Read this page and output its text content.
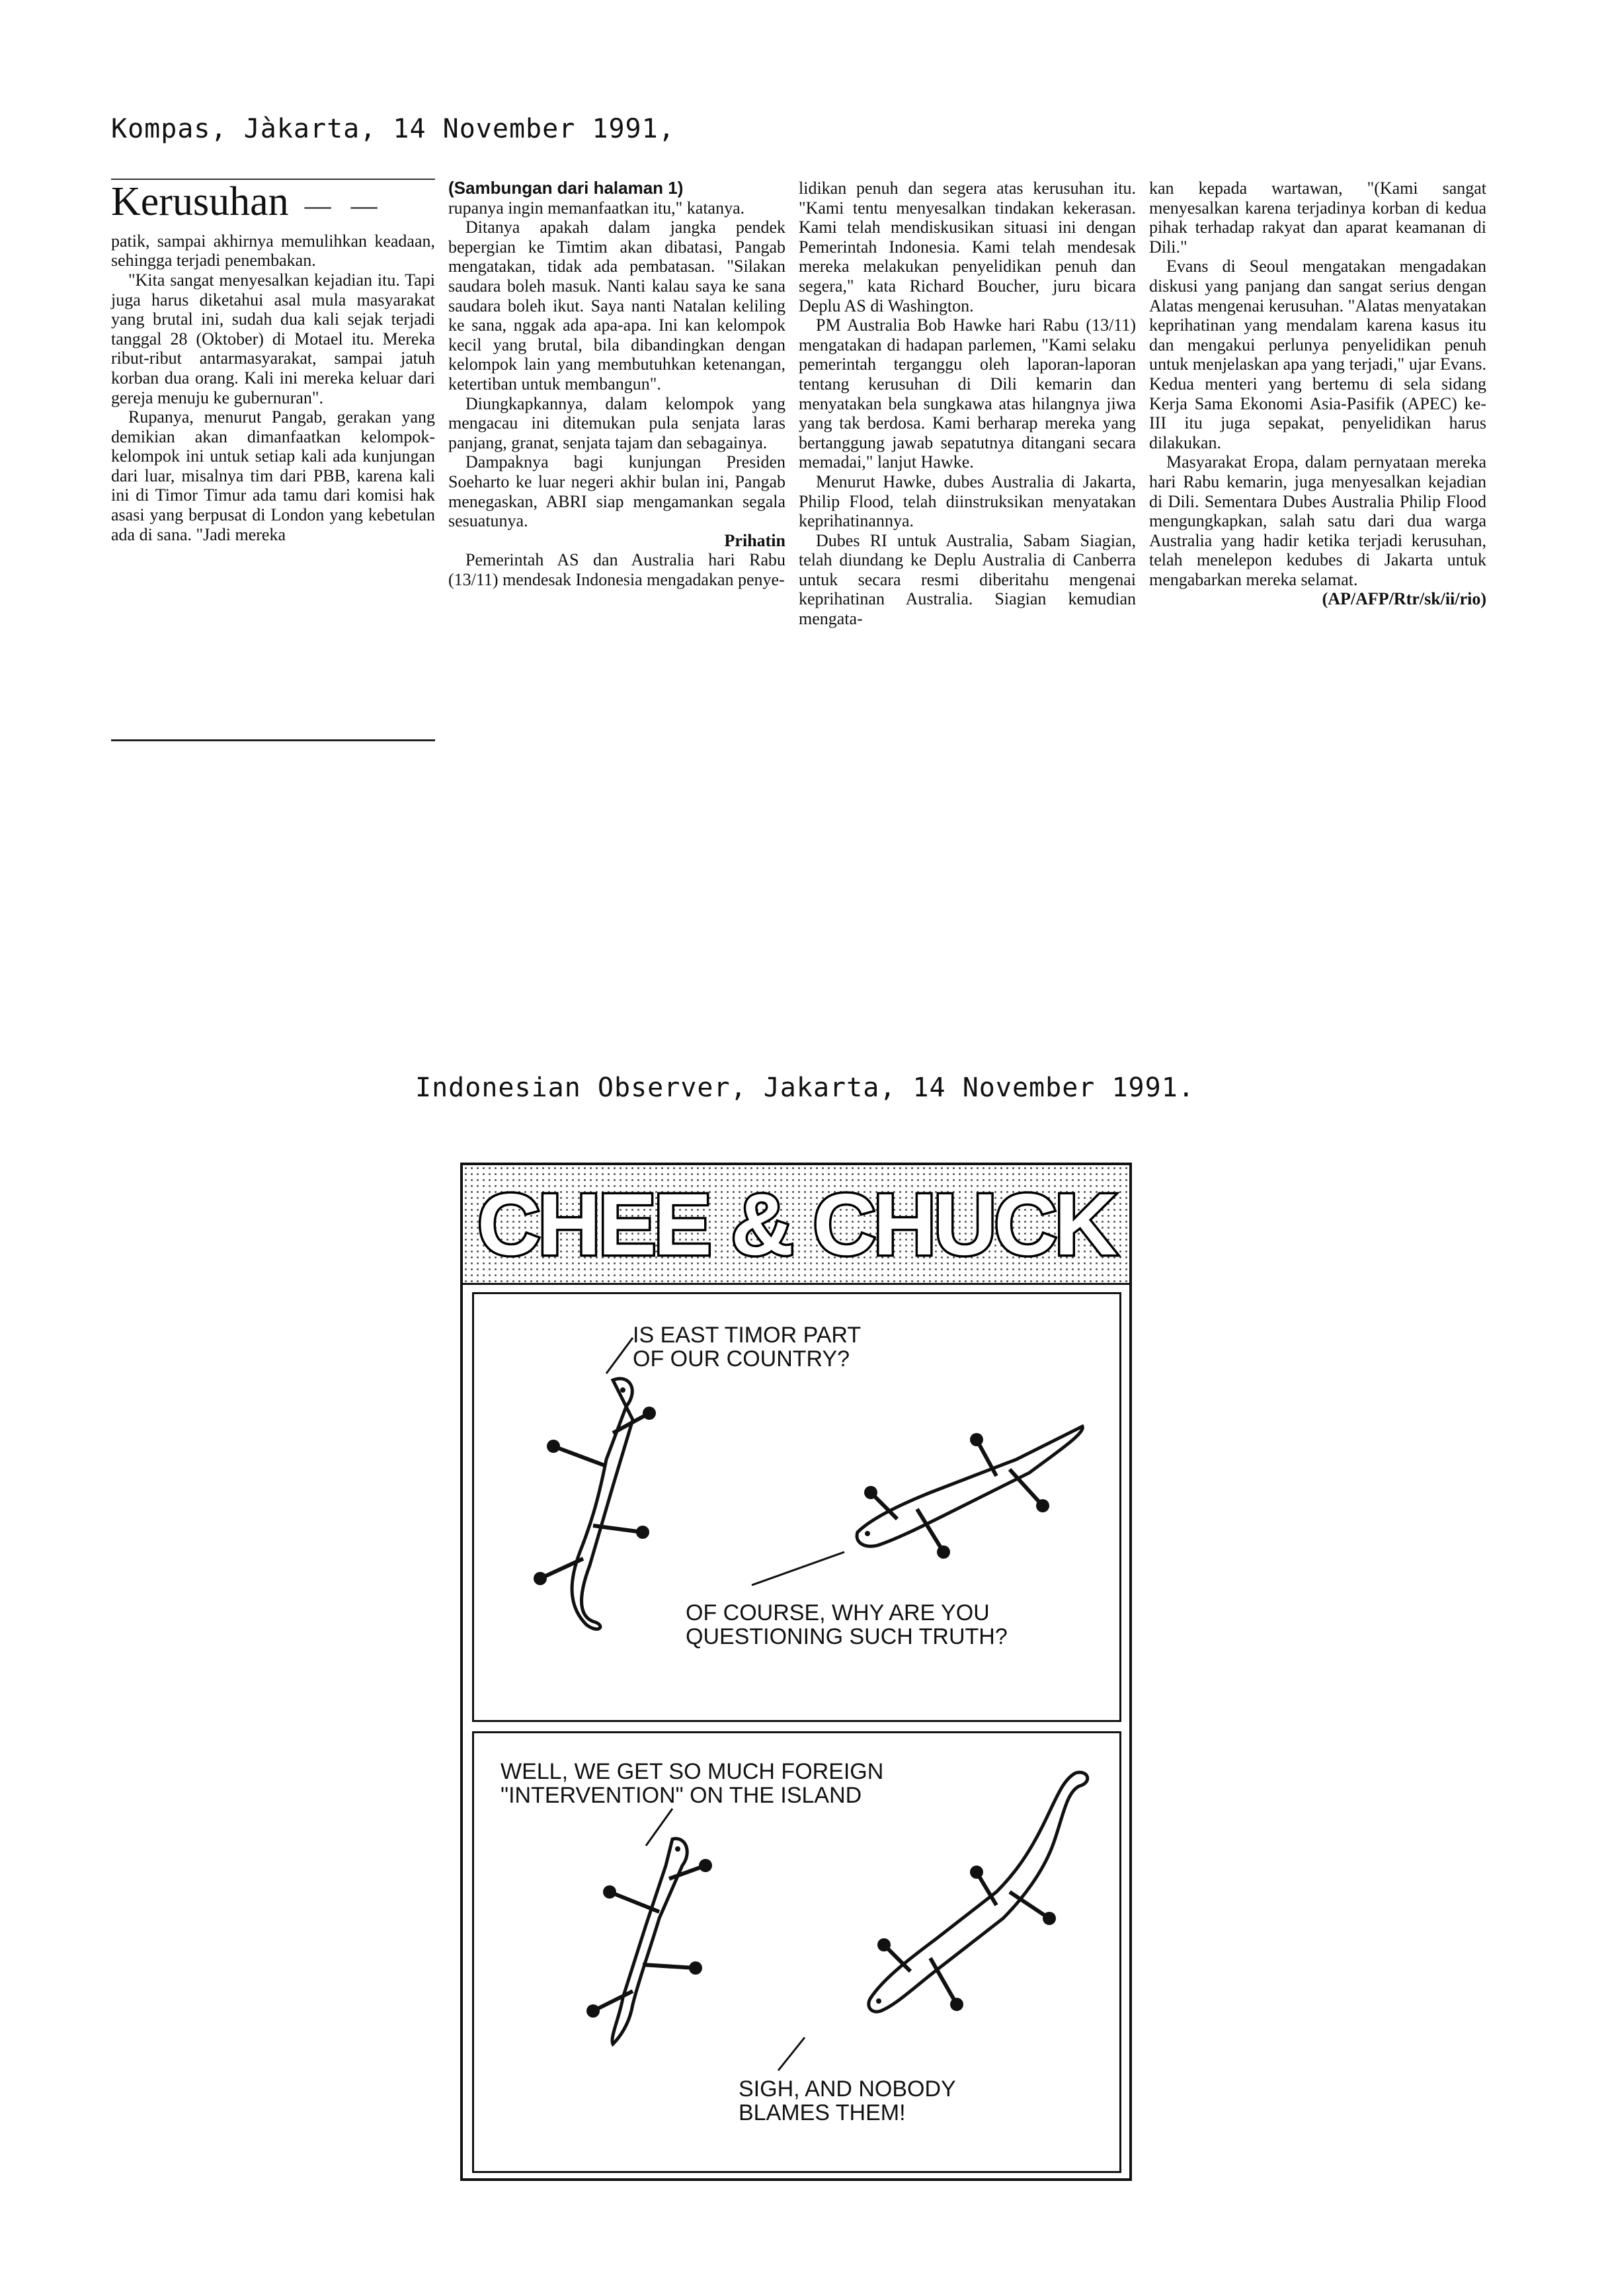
Kompas, Jàkarta, 14 November 1991,
Kerusuhan — —

patik, sampai akhirnya memulihkan keadaan, sehingga terjadi penembakan.

"Kita sangat menyesalkan kejadian itu. Tapi juga harus diketahui asal mula masyarakat yang brutal ini, sudah dua kali sejak terjadi tanggal 28 (Oktober) di Motael itu. Mereka ribut-ribut antarmasyarakat, sampai jatuh korban dua orang. Kali ini mereka keluar dari gereja menuju ke gubernuran".

Rupanya, menurut Pangab, gerakan yang demikian akan dimanfaatkan kelompok-kelompok ini untuk setiap kali ada kunjungan dari luar, misalnya tim dari PBB, karena kali ini di Timor Timur ada tamu dari komisi hak asasi yang berpusat di London yang kebetulan ada di sana. "Jadi mereka

(Sambungan dari halaman 1)

rupanya ingin memanfaatkan itu," katanya.

Ditanya apakah dalam jangka pendek bepergian ke Timtim akan dibatasi, Pangab mengatakan, tidak ada pembatasan. "Silakan saudara boleh masuk. Nanti kalau saya ke sana saudara boleh ikut. Saya nanti Natalan keliling ke sana, nggak ada apa-apa. Ini kan kelompok kecil yang brutal, bila dibandingkan dengan kelompok lain yang membutuhkan ketenangan, ketertiban untuk membangun".

Diungkapkannya, dalam kelompok yang mengacau ini ditemukan pula senjata laras panjang, granat, senjata tajam dan sebagainya.

Dampaknya bagi kunjungan Presiden Soeharto ke luar negeri akhir bulan ini, Pangab menegaskan, ABRI siap mengamankan segala sesuatunya.

Prihatin

Pemerintah AS dan Australia hari Rabu (13/11) mendesak Indonesia mengadakan penye-

lidikan penuh dan segera atas kerusuhan itu. "Kami tentu menyesalkan tindakan kekerasan. Kami telah mendiskusikan situasi ini dengan Pemerintah Indonesia. Kami telah mendesak mereka melakukan penyelidikan penuh dan segera," kata Richard Boucher, juru bicara Deplu AS di Washington.

PM Australia Bob Hawke hari Rabu (13/11) mengatakan di hadapan parlemen, "Kami selaku pemerintah terganggu oleh laporan-laporan tentang kerusuhan di Dili kemarin dan menyatakan bela sungkawa atas hilangnya jiwa yang tak berdosa. Kami berharap mereka yang bertanggung jawab sepatutnya ditangani secara memadai," lanjut Hawke.

Menurut Hawke, dubes Australia di Jakarta, Philip Flood, telah diinstruksikan menyatakan keprihatinannya.

Dubes RI untuk Australia, Sabam Siagian, telah diundang ke Deplu Australia di Canberra untuk secara resmi diberitahu mengenai keprihatinan Australia. Siagian kemudian mengata-

kan kepada wartawan, "(Kami sangat menyesalkan karena terjadinya korban di kedua pihak terhadap rakyat dan aparat keamanan di Dili."

Evans di Seoul mengatakan mengadakan diskusi yang panjang dan sangat serius dengan Alatas mengenai kerusuhan. "Alatas menyatakan keprihatinan yang mendalam karena kasus itu dan mengakui perlunya penyelidikan penuh untuk menjelaskan apa yang terjadi," ujar Evans. Kedua menteri yang bertemu di sela sidang Kerja Sama Ekonomi Asia-Pasifik (APEC) ke-III itu juga sepakat, penyelidikan harus dilakukan.

Masyarakat Eropa, dalam pernyataan mereka hari Rabu kemarin, juga menyesalkan kejadian di Dili. Sementara Dubes Australia Philip Flood mengungkapkan, salah satu dari dua warga Australia yang hadir ketika terjadi kerusuhan, telah menelepon kedubes di Jakarta untuk mengabarkan mereka selamat.

(AP/AFP/Rtr/sk/ii/rio)

Indonesian Observer, Jakarta, 14 November 1991.
CHEE & CHUCK
IS EAST TIMOR PART
OF OUR COUNTRY?
OF COURSE, WHY ARE YOU
QUESTIONING SUCH TRUTH?
WELL, WE GET SO MUCH FOREIGN
"INTERVENTION" ON THE ISLAND
SIGH, AND NOBODY
BLAMES THEM!
